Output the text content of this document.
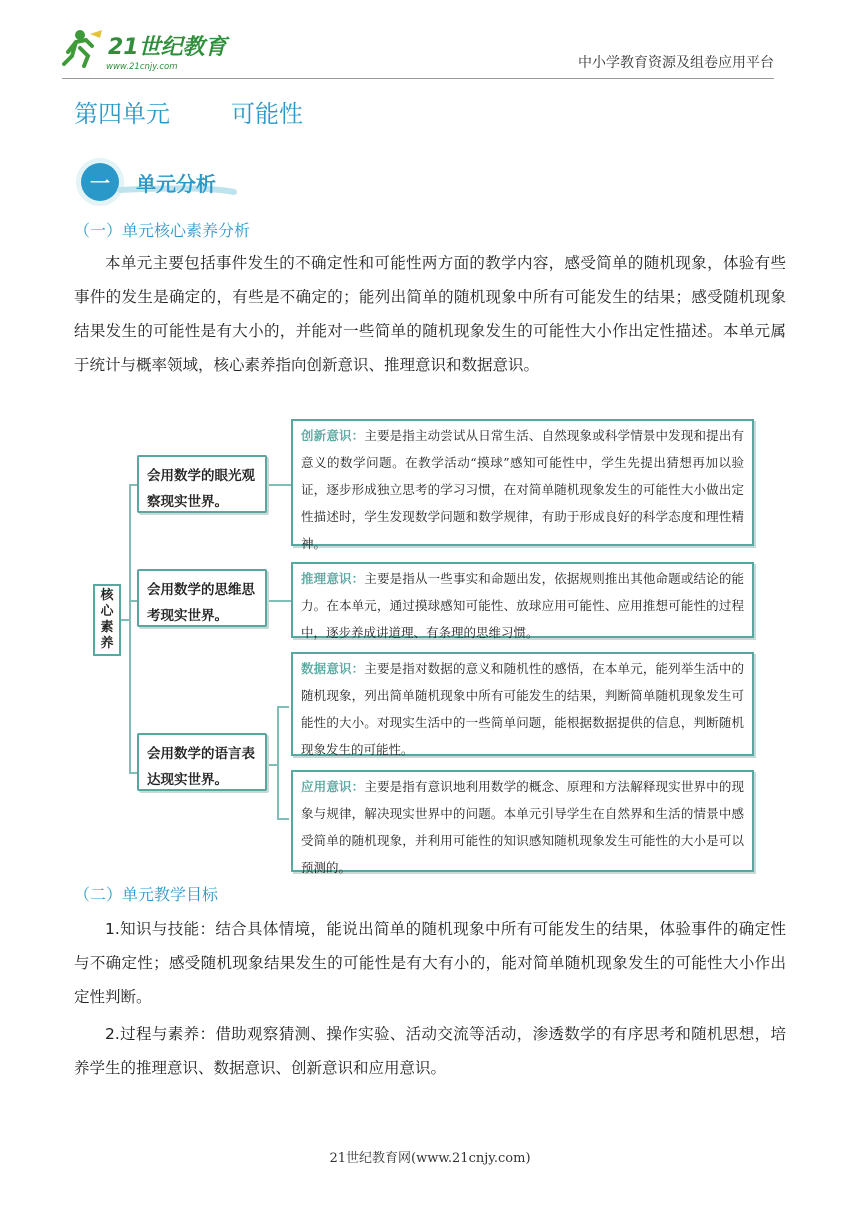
21世纪教育
www.21cnjy.com	中小学教育资源及组卷应用平台
第四单元        可能性
一	单元分析
（一）单元核心素养分析
本单元主要包括事件发生的不确定性和可能性两方面的教学内容，感受简单的随机现象，体验有些事件的发生是确定的，有些是不确定的；能列出简单的随机现象中所有可能发生的结果；感受随机现象结果发生的可能性是有大小的，并能对一些简单的随机现象发生的可能性大小作出定性描述。本单元属于统计与概率领域，核心素养指向创新意识、推理意识和数据意识。
核心素养
会用数学的眼光观察现实世界。
会用数学的思维思考现实世界。
会用数学的语言表达现实世界。
创新意识：主要是指主动尝试从日常生活、自然现象或科学情景中发现和提出有意义的数学问题。在教学活动“摸球”感知可能性中，学生先提出猜想再加以验证，逐步形成独立思考的学习习惯，在对简单随机现象发生的可能性大小做出定性描述时，学生发现数学问题和数学规律，有助于形成良好的科学态度和理性精神。
推理意识：主要是指从一些事实和命题出发，依据规则推出其他命题或结论的能力。在本单元，通过摸球感知可能性、放球应用可能性、应用推想可能性的过程中，逐步养成讲道理、有条理的思维习惯。
数据意识：主要是指对数据的意义和随机性的感悟，在本单元，能列举生活中的随机现象，列出简单随机现象中所有可能发生的结果，判断简单随机现象发生可能性的大小。对现实生活中的一些简单问题，能根据数据提供的信息，判断随机现象发生的可能性。
应用意识：主要是指有意识地利用数学的概念、原理和方法解释现实世界中的现象与规律，解决现实世界中的问题。本单元引导学生在自然界和生活的情景中感受简单的随机现象，并利用可能性的知识感知随机现象发生可能性的大小是可以预测的。
（二）单元教学目标
1.知识与技能：结合具体情境，能说出简单的随机现象中所有可能发生的结果，体验事件的确定性与不确定性；感受随机现象结果发生的可能性是有大有小的，能对简单随机现象发生的可能性大小作出定性判断。
2.过程与素养：借助观察猜测、操作实验、活动交流等活动，渗透数学的有序思考和随机思想，培养学生的推理意识、数据意识、创新意识和应用意识。
21世纪教育网(www.21cnjy.com)
